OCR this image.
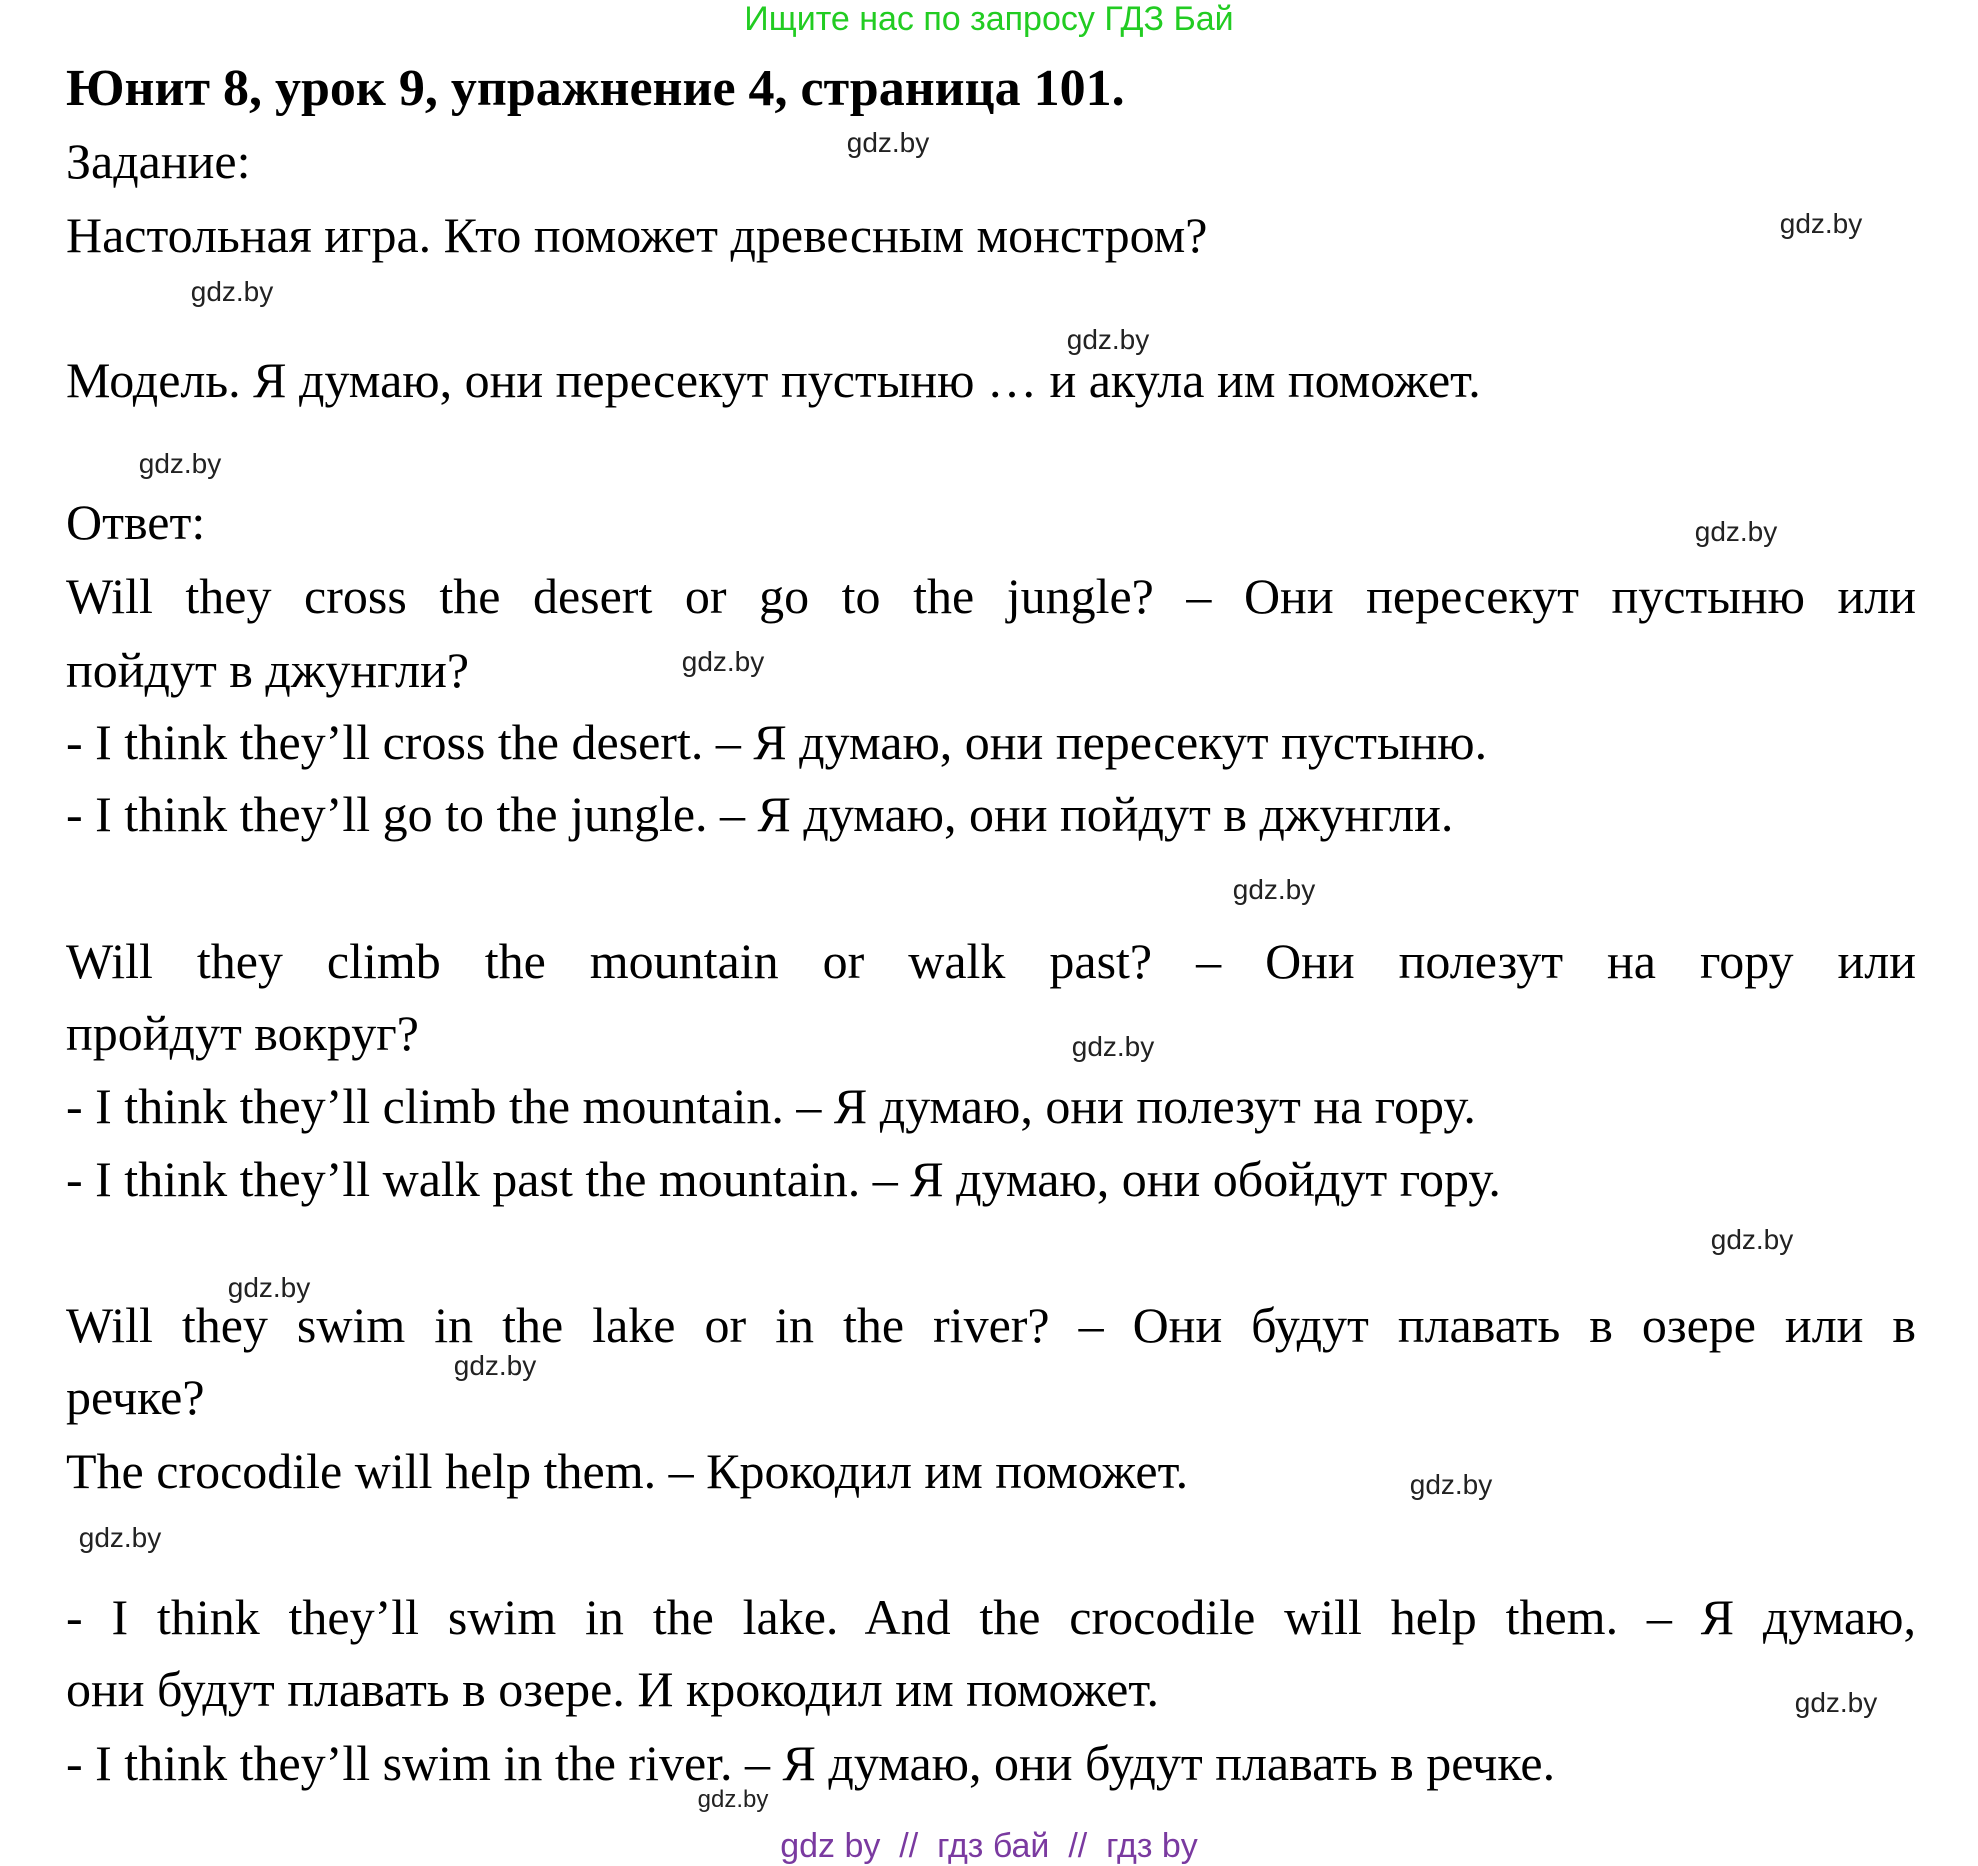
Ищите нас по запросу ГДЗ Бай
Юнит 8, урок 9, упражнение 4, страница 101.
Задание:
Настольная игра. Кто поможет древесным монстром?
Модель. Я думаю, они пересекут пустыню … и акула им поможет.
Ответ:
Will they cross the desert or go to the jungle? – Они пересекут пустыню или
пойдут в джунгли?
- I think they’ll cross the desert. – Я думаю, они пересекут пустыню.
- I think they’ll go to the jungle. – Я думаю, они пойдут в джунгли.
Will they climb the mountain or walk past? – Они полезут на гору или
пройдут вокруг?
- I think they’ll climb the mountain. – Я думаю, они полезут на гору.
- I think they’ll walk past the mountain. – Я думаю, они обойдут гору.
Will they swim in the lake or in the river? – Они будут плавать в озере или в
речке?
The crocodile will help them. – Крокодил им поможет.
- I think they’ll swim in the lake. And the crocodile will help them. – Я думаю,
они будут плавать в озере. И крокодил им поможет.
- I think they’ll swim in the river. – Я думаю, они будут плавать в речке.
gdz.by
gdz.by
gdz.by
gdz.by
gdz.by
gdz.by
gdz.by
gdz.by
gdz.by
gdz.by
gdz.by
gdz.by
gdz.by
gdz.by
gdz.by
gdz.by
gdz by  //  гдз бай  //  гдз by
